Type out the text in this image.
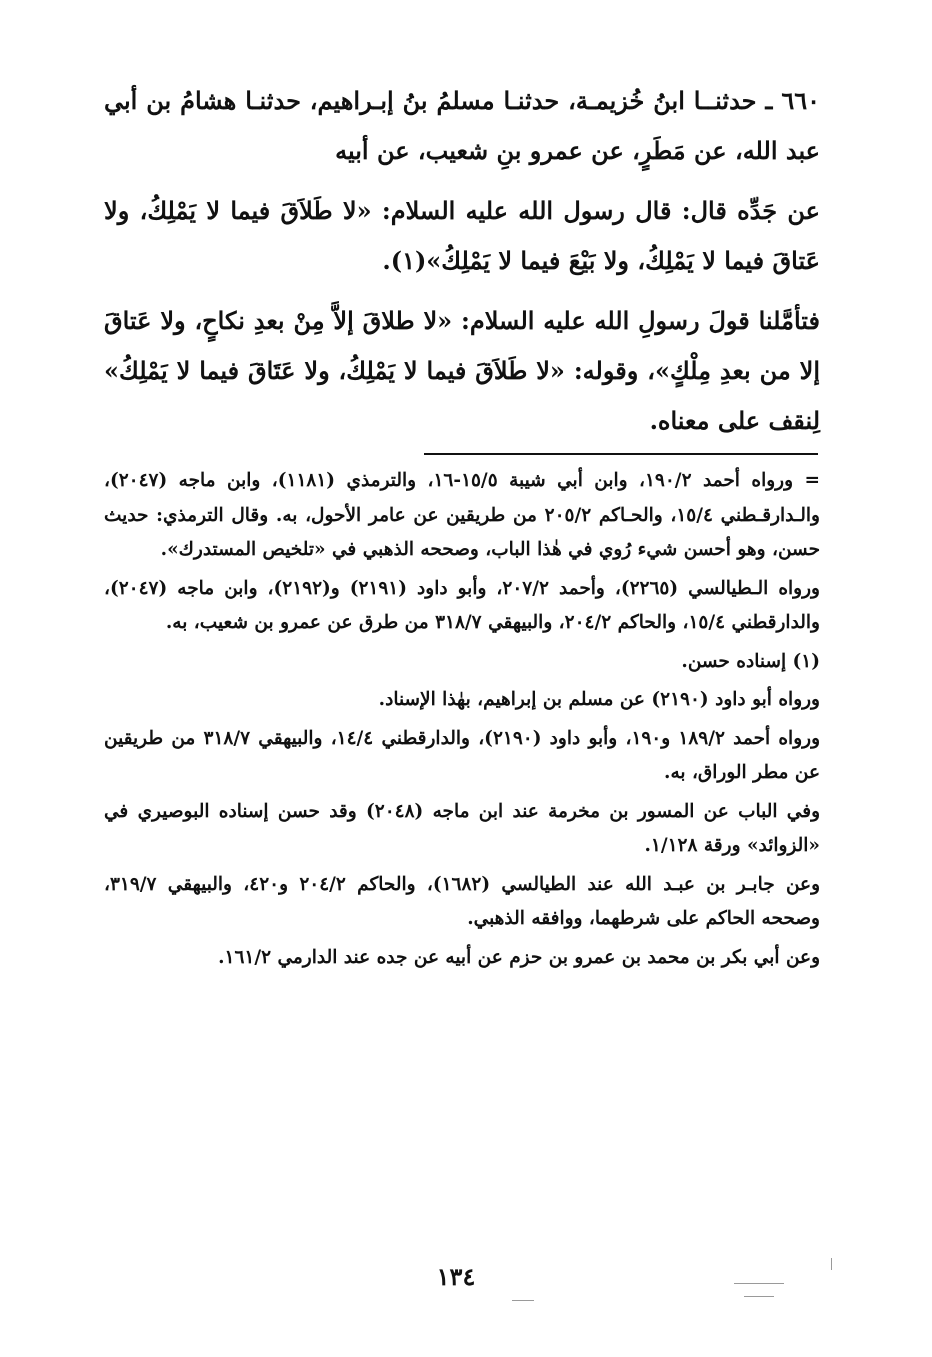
٦٦٠ ـ حدثنــا ابنُ خُزيمـة، حدثنـا مسلمُ بنُ إبـراهيم، حدثنـا هشامُ بن أبي عبد الله، عن مَطَرٍ، عن عمرو بنِ شعيب، عن أبيه

عن جَدِّه قال: قال رسول الله عليه السلام: «لا طَلاَقَ فيما لا يَمْلِكُ، ولا عَتاقَ فيما لا يَمْلِكُ، ولا بَيْعَ فيما لا يَمْلِكُ»(١).

فتأمَّلنا قولَ رسولِ الله عليه السلام: «لا طلاقَ إلاَّ مِنْ بعدِ نكاحٍ، ولا عَتاقَ إلا من بعدِ مِلْكٍ»، وقوله: «لا طَلاَقَ فيما لا يَمْلِكُ، ولا عَتَاقَ فيما لا يَمْلِكُ» لِنقف على معناه.

= ورواه أحمد ١٩٠/٢، وابن أبي شيبة ١٥/٥-١٦، والترمذي (١١٨١)، وابن ماجه (٢٠٤٧)، والـدارقـطني ١٥/٤، والحـاكم ٢٠٥/٢ من طريقين عن عامر الأحول، به. وقال الترمذي: حديث حسن، وهو أحسن شيء رُوي في هٰذا الباب، وصححه الذهبي في «تلخيص المستدرك».

ورواه الـطيالسي (٢٢٦٥)، وأحمد ٢٠٧/٢، وأبو داود (٢١٩١) و(٢١٩٢)، وابن ماجه (٢٠٤٧)، والدارقطني ١٥/٤، والحاكم ٢٠٤/٢، والبيهقي ٣١٨/٧ من طرق عن عمرو بن شعيب، به.

(١) إسناده حسن.

ورواه أبو داود (٢١٩٠) عن مسلم بن إبراهيم، بهٰذا الإسناد.

ورواه أحمد ١٨٩/٢ و١٩٠، وأبو داود (٢١٩٠)، والدارقطني ١٤/٤، والبيهقي ٣١٨/٧ من طريقين عن مطر الوراق، به.

وفي الباب عن المسور بن مخرمة عند ابن ماجه (٢٠٤٨) وقد حسن إسناده البوصيري في «الزوائد» ورقة ١/١٢٨.

وعن جابـر بن عبـد الله عند الطيالسي (١٦٨٢)، والحاكم ٢٠٤/٢ و٤٢٠، والبيهقي ٣١٩/٧، وصححه الحاكم على شرطهما، ووافقه الذهبي.

وعن أبي بكر بن محمد بن عمرو بن حزم عن أبيه عن جده عند الدارمي ١٦١/٢.

١٣٤
